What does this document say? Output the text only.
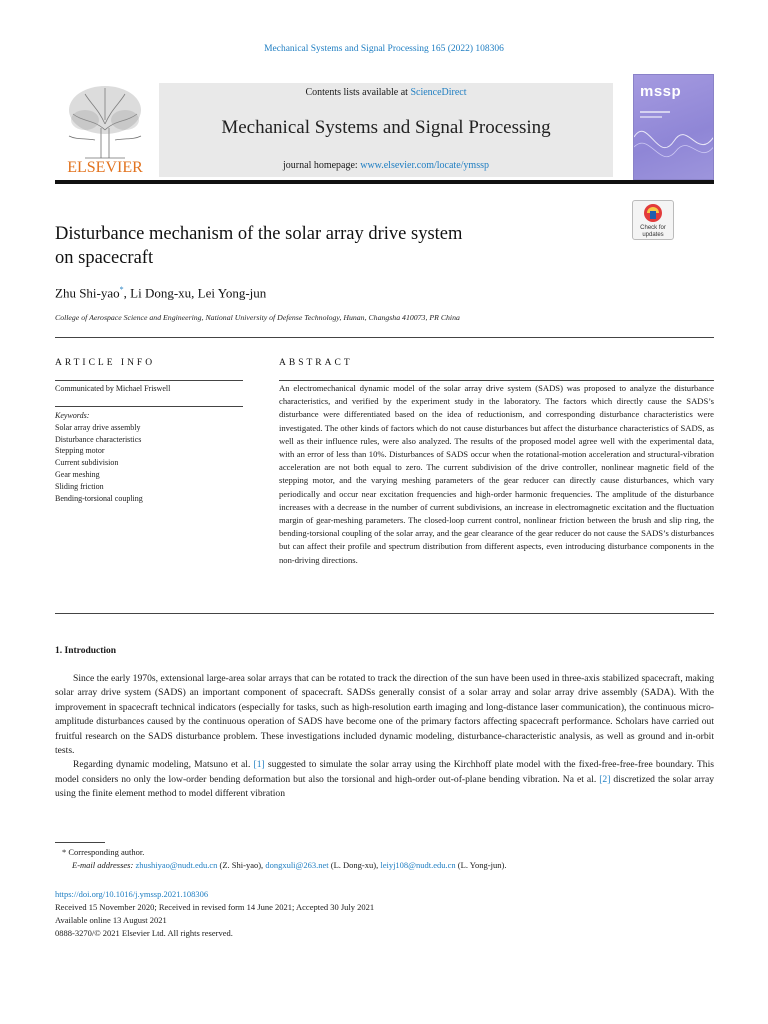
Mechanical Systems and Signal Processing 165 (2022) 108306
ELSEVIER
Contents lists available at ScienceDirect
Mechanical Systems and Signal Processing
journal homepage: www.elsevier.com/locate/ymssp
mssp
Disturbance mechanism of the solar array drive system
on spacecraft
Check for updates
Zhu Shi-yao*, Li Dong-xu, Lei Yong-jun
College of Aerospace Science and Engineering, National University of Defense Technology, Hunan, Changsha 410073, PR China
ARTICLE INFO	ABSTRACT
Communicated by Michael Friswell
Keywords:
Solar array drive assembly
Disturbance characteristics
Stepping motor
Current subdivision
Gear meshing
Sliding friction
Bending-torsional coupling
An electromechanical dynamic model of the solar array drive system (SADS) was proposed to analyze the disturbance characteristics, and verified by the experiment study in the laboratory. The factors which directly cause the SADS’s disturbance were differentiated based on the idea of reductionism, and corresponding disturbance characteristics were investigated. The other kinds of factors which do not cause disturbances but affect the disturbance characteristics of SADS, as well as their influence rules, were also analyzed. The results of the proposed model agree well with the experimental data, with an error of less than 10%. Disturbances of SADS occur when the rotational-motion acceleration and structural-vibration acceleration are not both equal to zero. The current subdivision of the drive controller, nonlinear magnetic field of the stepping motor, and the varying meshing parameters of the gear reducer can directly cause disturbances, which vary periodically and occur near excitation frequencies and high-order harmonic frequencies. The amplitude of the disturbance increases with a decrease in the number of current subdivisions, an increase in electromagnetic excitation and the fluctuation margin of gear-meshing parameters. The closed-loop current control, nonlinear friction between the brush and slip ring, the bending-torsional coupling of the solar array, and the gear clearance of the gear reducer do not cause the SADS’s disturbances but can affect their profile and spectrum distribution from different aspects, even introducing disturbance components in the non-driving directions.
1. Introduction

Since the early 1970s, extensional large-area solar arrays that can be rotated to track the direction of the sun have been used in three-axis stabilized spacecraft, making solar array drive system (SADS) an important component of spacecraft. SADSs generally consist of a solar array and solar array drive assembly (SADA). With the improvement in spacecraft technical indicators (especially for tasks, such as high-resolution earth imaging and long-distance laser communication), the continuous micro-amplitude disturbances caused by the continuous operation of SADS have become one of the primary factors affecting spacecraft performance. Scholars have carried out fruitful research on the SADS disturbance problem. These investigations included dynamic modeling, disturbance-characteristic analysis, as well as ground and in-orbit tests.

Regarding dynamic modeling, Matsuno et al. [1] suggested to simulate the solar array using the Kirchhoff plate model with the fixed-free-free-free boundary. This model considers no only the low-order bending deformation but also the torsional and high-order out-of-plane bending vibration. Na et al. [2] discretized the solar array using the finite element method to model different vibration

* Corresponding author.
E-mail addresses: zhushiyao@nudt.edu.cn (Z. Shi-yao), dongxuli@263.net (L. Dong-xu), leiyj108@nudt.edu.cn (L. Yong-jun).
https://doi.org/10.1016/j.ymssp.2021.108306
Received 15 November 2020; Received in revised form 14 June 2021; Accepted 30 July 2021
Available online 13 August 2021
0888-3270/© 2021 Elsevier Ltd. All rights reserved.
